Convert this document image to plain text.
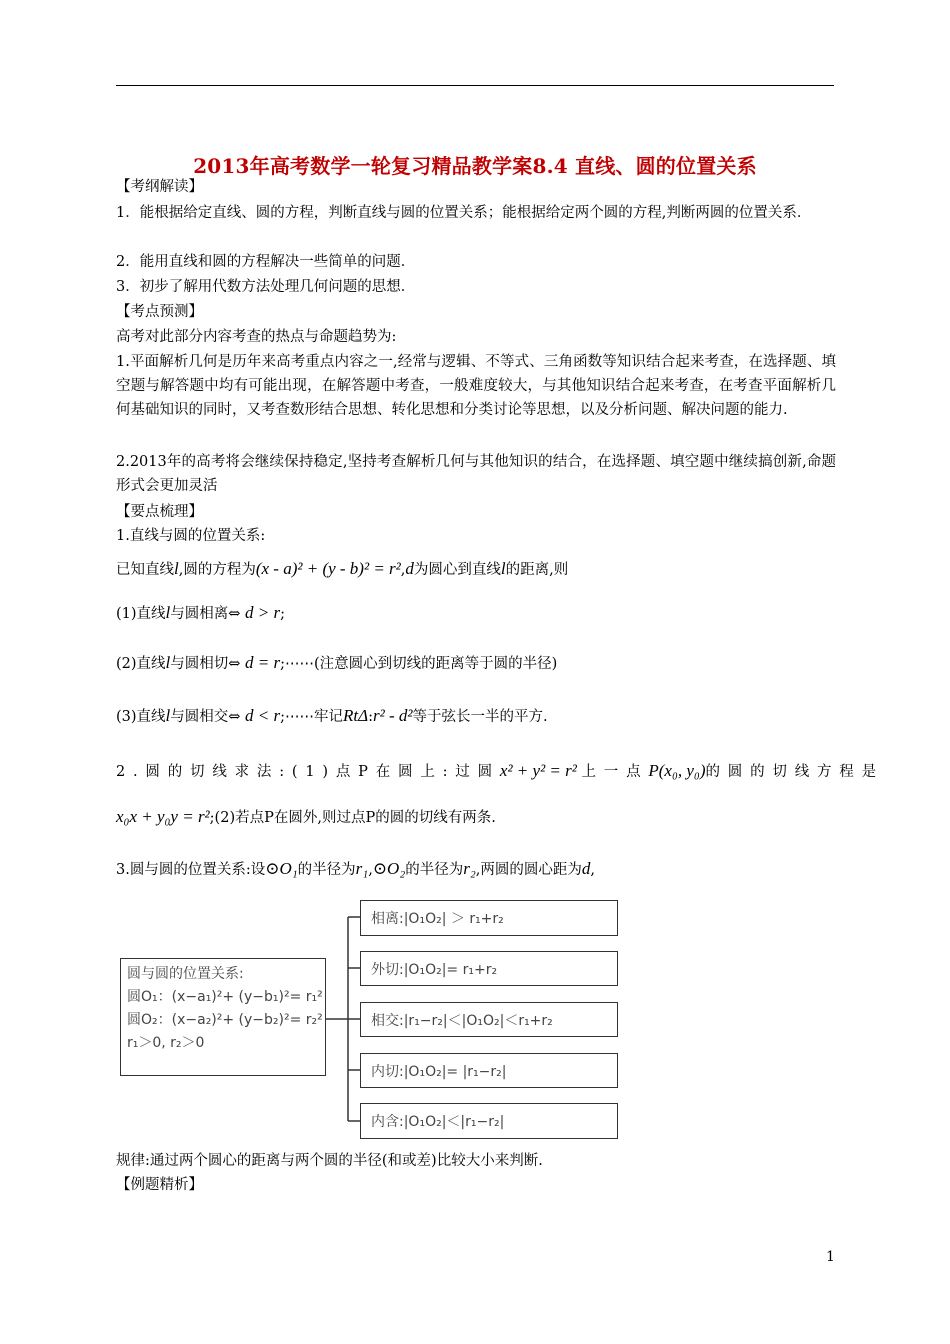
2013年高考数学一轮复习精品教学案8.4 直线、圆的位置关系
【考纲解读】
1．能根据给定直线、圆的方程，判断直线与圆的位置关系；能根据给定两个圆的方程,判断两圆的位置关系．
2．能用直线和圆的方程解决一些简单的问题．
3．初步了解用代数方法处理几何问题的思想．
【考点预测】
高考对此部分内容考查的热点与命题趋势为:
1.平面解析几何是历年来高考重点内容之一,经常与逻辑、不等式、三角函数等知识结合起来考查，在选择题、填空题与解答题中均有可能出现，在解答题中考查，一般难度较大，与其他知识结合起来考查，在考查平面解析几何基础知识的同时，又考查数形结合思想、转化思想和分类讨论等思想，以及分析问题、解决问题的能力.
2.2013年的高考将会继续保持稳定,坚持考查解析几何与其他知识的结合，在选择题、填空题中继续搞创新,命题形式会更加灵活
【要点梳理】
1.直线与圆的位置关系:
已知直线l,圆的方程为(x - a)² + (y - b)² = r²,d为圆心到直线l的距离,则
(1)直线l与圆相离⇔ d > r;
(2)直线l与圆相切⇔ d = r;⋯⋯(注意圆心到切线的距离等于圆的半径)
(3)直线l与圆相交⇔ d < r;⋯⋯牢记RtΔ:r² - d²等于弦长一半的平方.
2.圆的切线求法:(1)点P在圆上:过圆x² + y² = r² 上一点P(x₀, y₀)的圆的切线方程是
x₀x + y₀y = r²;(2)若点P在圆外,则过点P的圆的切线有两条.
3.圆与圆的位置关系:设⊙O₁的半径为r₁,⊙O₂的半径为r₂,两圆的圆心距为d,
圆与圆的位置关系:
圆O₁：(x−a₁)²+ (y−b₁)²= r₁²
圆O₂：(x−a₂)²+ (y−b₂)²= r₂²
r₁＞0, r₂＞0
相离:|O₁O₂| ＞ r₁+r₂
外切:|O₁O₂|= r₁+r₂
相交:|r₁−r₂|＜|O₁O₂|＜r₁+r₂
内切:|O₁O₂|= |r₁−r₂|
内含:|O₁O₂|＜|r₁−r₂|
规律:通过两个圆心的距离与两个圆的半径(和或差)比较大小来判断.
【例题精析】
1
